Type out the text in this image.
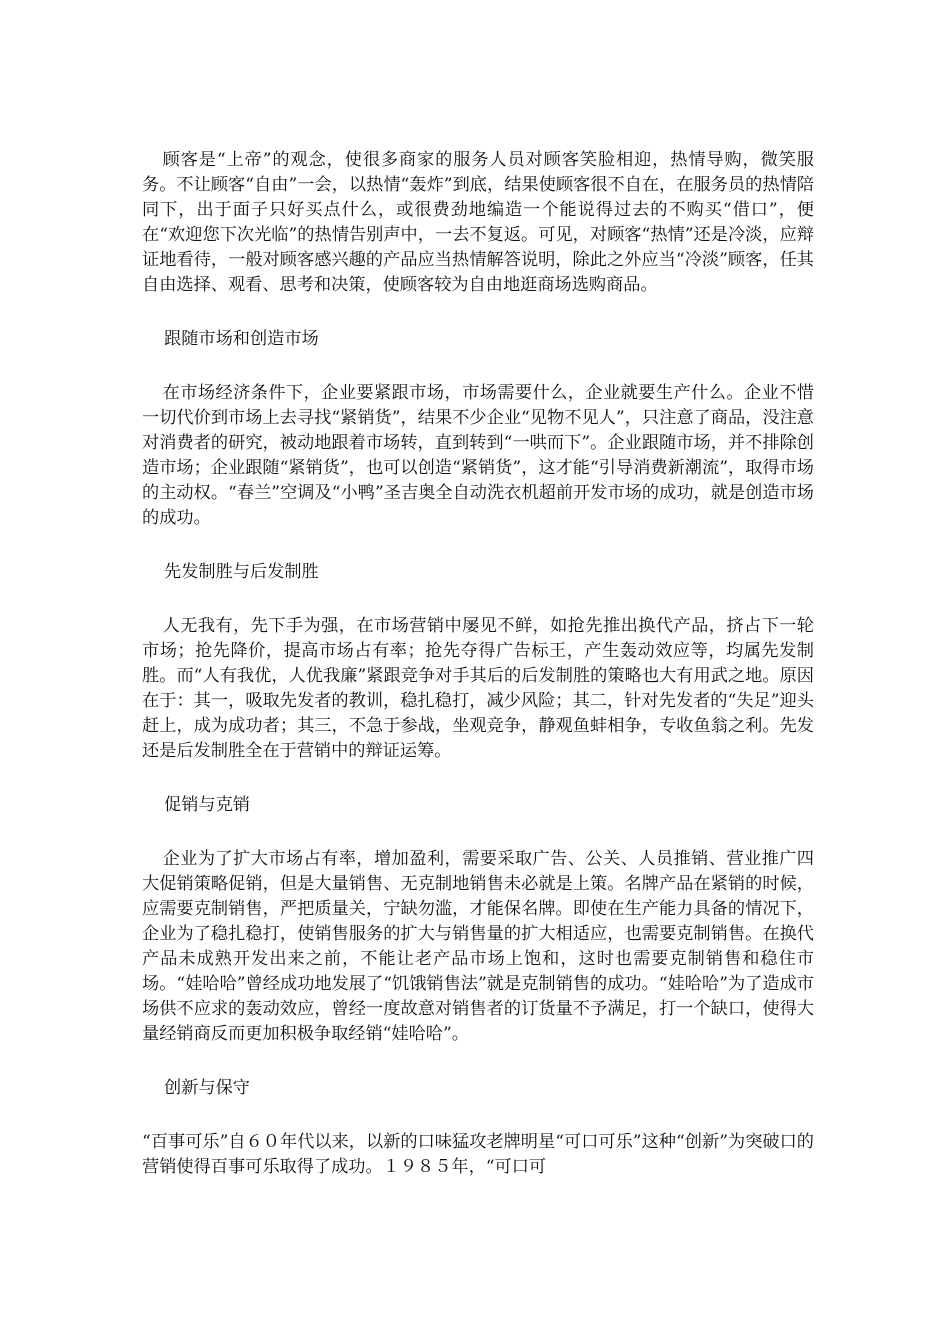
顾客是“上帝”的观念，使很多商家的服务人员对顾客笑脸相迎，热情导购，微笑服务。不让顾客“自由”一会，以热情“轰炸”到底，结果使顾客很不自在，在服务员的热情陪同下，出于面子只好买点什么，或很费劲地编造一个能说得过去的不购买“借口”，便在“欢迎您下次光临”的热情告别声中，一去不复返。可见，对顾客“热情”还是冷淡，应辩证地看待，一般对顾客感兴趣的产品应当热情解答说明，除此之外应当“冷淡”顾客，任其自由选择、观看、思考和决策，使顾客较为自由地逛商场选购商品。

跟随市场和创造市场

在市场经济条件下，企业要紧跟市场，市场需要什么，企业就要生产什么。企业不惜一切代价到市场上去寻找“紧销货”，结果不少企业“见物不见人”，只注意了商品，没注意对消费者的研究，被动地跟着市场转，直到转到“一哄而下”。企业跟随市场，并不排除创造市场；企业跟随“紧销货”，也可以创造“紧销货”，这才能“引导消费新潮流”，取得市场的主动权。“春兰”空调及“小鸭”圣吉奥全自动洗衣机超前开发市场的成功，就是创造市场的成功。

先发制胜与后发制胜

人无我有，先下手为强，在市场营销中屡见不鲜，如抢先推出换代产品，挤占下一轮市场；抢先降价，提高市场占有率；抢先夺得广告标王，产生轰动效应等，均属先发制胜。而“人有我优，人优我廉”紧跟竞争对手其后的后发制胜的策略也大有用武之地。原因在于：其一，吸取先发者的教训，稳扎稳打，减少风险；其二，针对先发者的“失足”迎头赶上，成为成功者；其三，不急于参战，坐观竞争，静观鱼蚌相争，专收鱼翁之利。先发还是后发制胜全在于营销中的辩证运筹。

促销与克销

企业为了扩大市场占有率，增加盈利，需要采取广告、公关、人员推销、营业推广四大促销策略促销，但是大量销售、无克制地销售未必就是上策。名牌产品在紧销的时候，应需要克制销售，严把质量关，宁缺勿滥，才能保名牌。即使在生产能力具备的情况下，企业为了稳扎稳打，使销售服务的扩大与销售量的扩大相适应，也需要克制销售。在换代产品未成熟开发出来之前，不能让老产品市场上饱和，这时也需要克制销售和稳住市场。“娃哈哈”曾经成功地发展了“饥饿销售法”就是克制销售的成功。“娃哈哈”为了造成市场供不应求的轰动效应，曾经一度故意对销售者的订货量不予满足，打一个缺口，使得大量经销商反而更加积极争取经销“娃哈哈”。

创新与保守

“百事可乐”自６０年代以来，以新的口味猛攻老牌明星“可口可乐”这种“创新”为突破口的营销使得百事可乐取得了成功。１９８５年，“可口可
